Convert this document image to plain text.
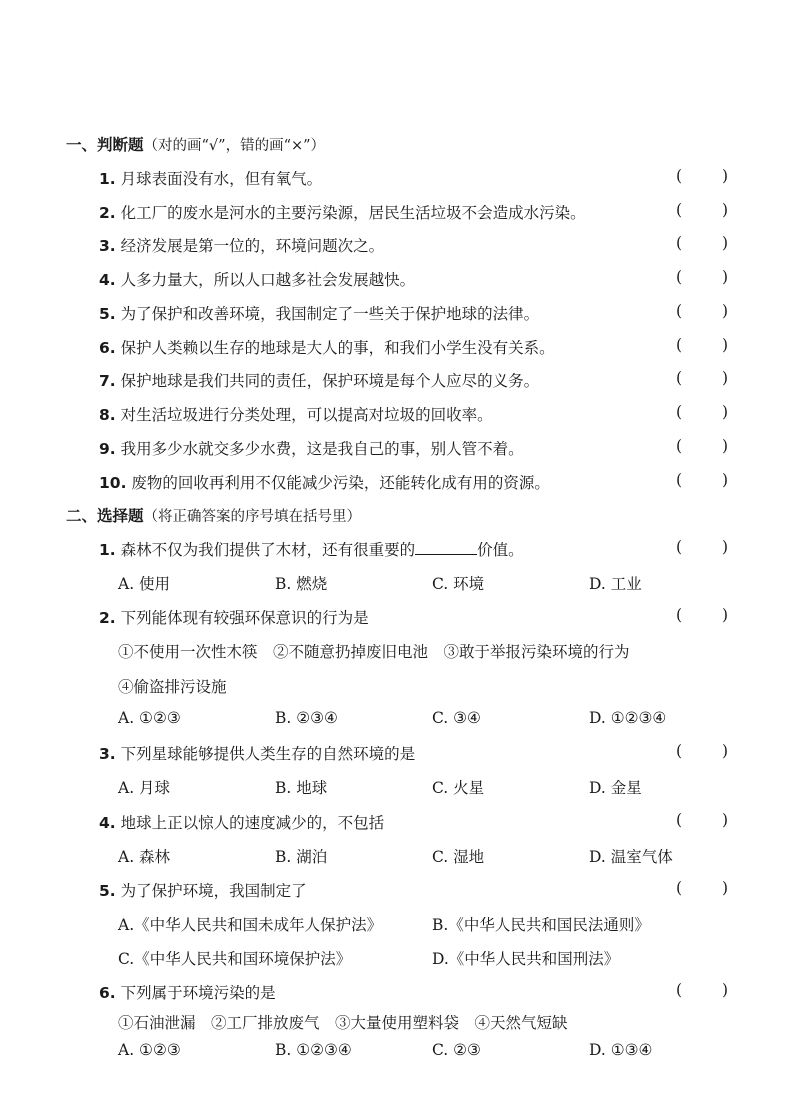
一、判断题（对的画“√”，错的画“×”）
1. 月球表面没有水，但有氧气。	(	)
2. 化工厂的废水是河水的主要污染源，居民生活垃圾不会造成水污染。	(	)
3. 经济发展是第一位的，环境问题次之。	(	)
4. 人多力量大，所以人口越多社会发展越快。	(	)
5. 为了保护和改善环境，我国制定了一些关于保护地球的法律。	(	)
6. 保护人类赖以生存的地球是大人的事，和我们小学生没有关系。	(	)
7. 保护地球是我们共同的责任，保护环境是每个人应尽的义务。	(	)
8. 对生活垃圾进行分类处理，可以提高对垃圾的回收率。	(	)
9. 我用多少水就交多少水费，这是我自己的事，别人管不着。	(	)
10. 废物的回收再利用不仅能减少污染，还能转化成有用的资源。	(	)
二、选择题（将正确答案的序号填在括号里）
1. 森林不仅为我们提供了木材，还有很重要的	价值。	(	)
A. 使用	B. 燃烧	C. 环境	D. 工业
2. 下列能体现有较强环保意识的行为是	(	)
①不使用一次性木筷　②不随意扔掉废旧电池　③敢于举报污染环境的行为
④偷盗排污设施
A. ①②③	B. ②③④	C. ③④	D. ①②③④
3. 下列星球能够提供人类生存的自然环境的是	(	)
A. 月球	B. 地球	C. 火星	D. 金星
4. 地球上正以惊人的速度减少的，不包括	(	)
A. 森林	B. 湖泊	C. 湿地	D. 温室气体
5. 为了保护环境，我国制定了	(	)
A.《中华人民共和国未成年人保护法》	B.《中华人民共和国民法通则》
C.《中华人民共和国环境保护法》	D.《中华人民共和国刑法》
6. 下列属于环境污染的是	(	)
①石油泄漏　②工厂排放废气　③大量使用塑料袋　④天然气短缺
A. ①②③	B. ①②③④	C. ②③	D. ①③④
